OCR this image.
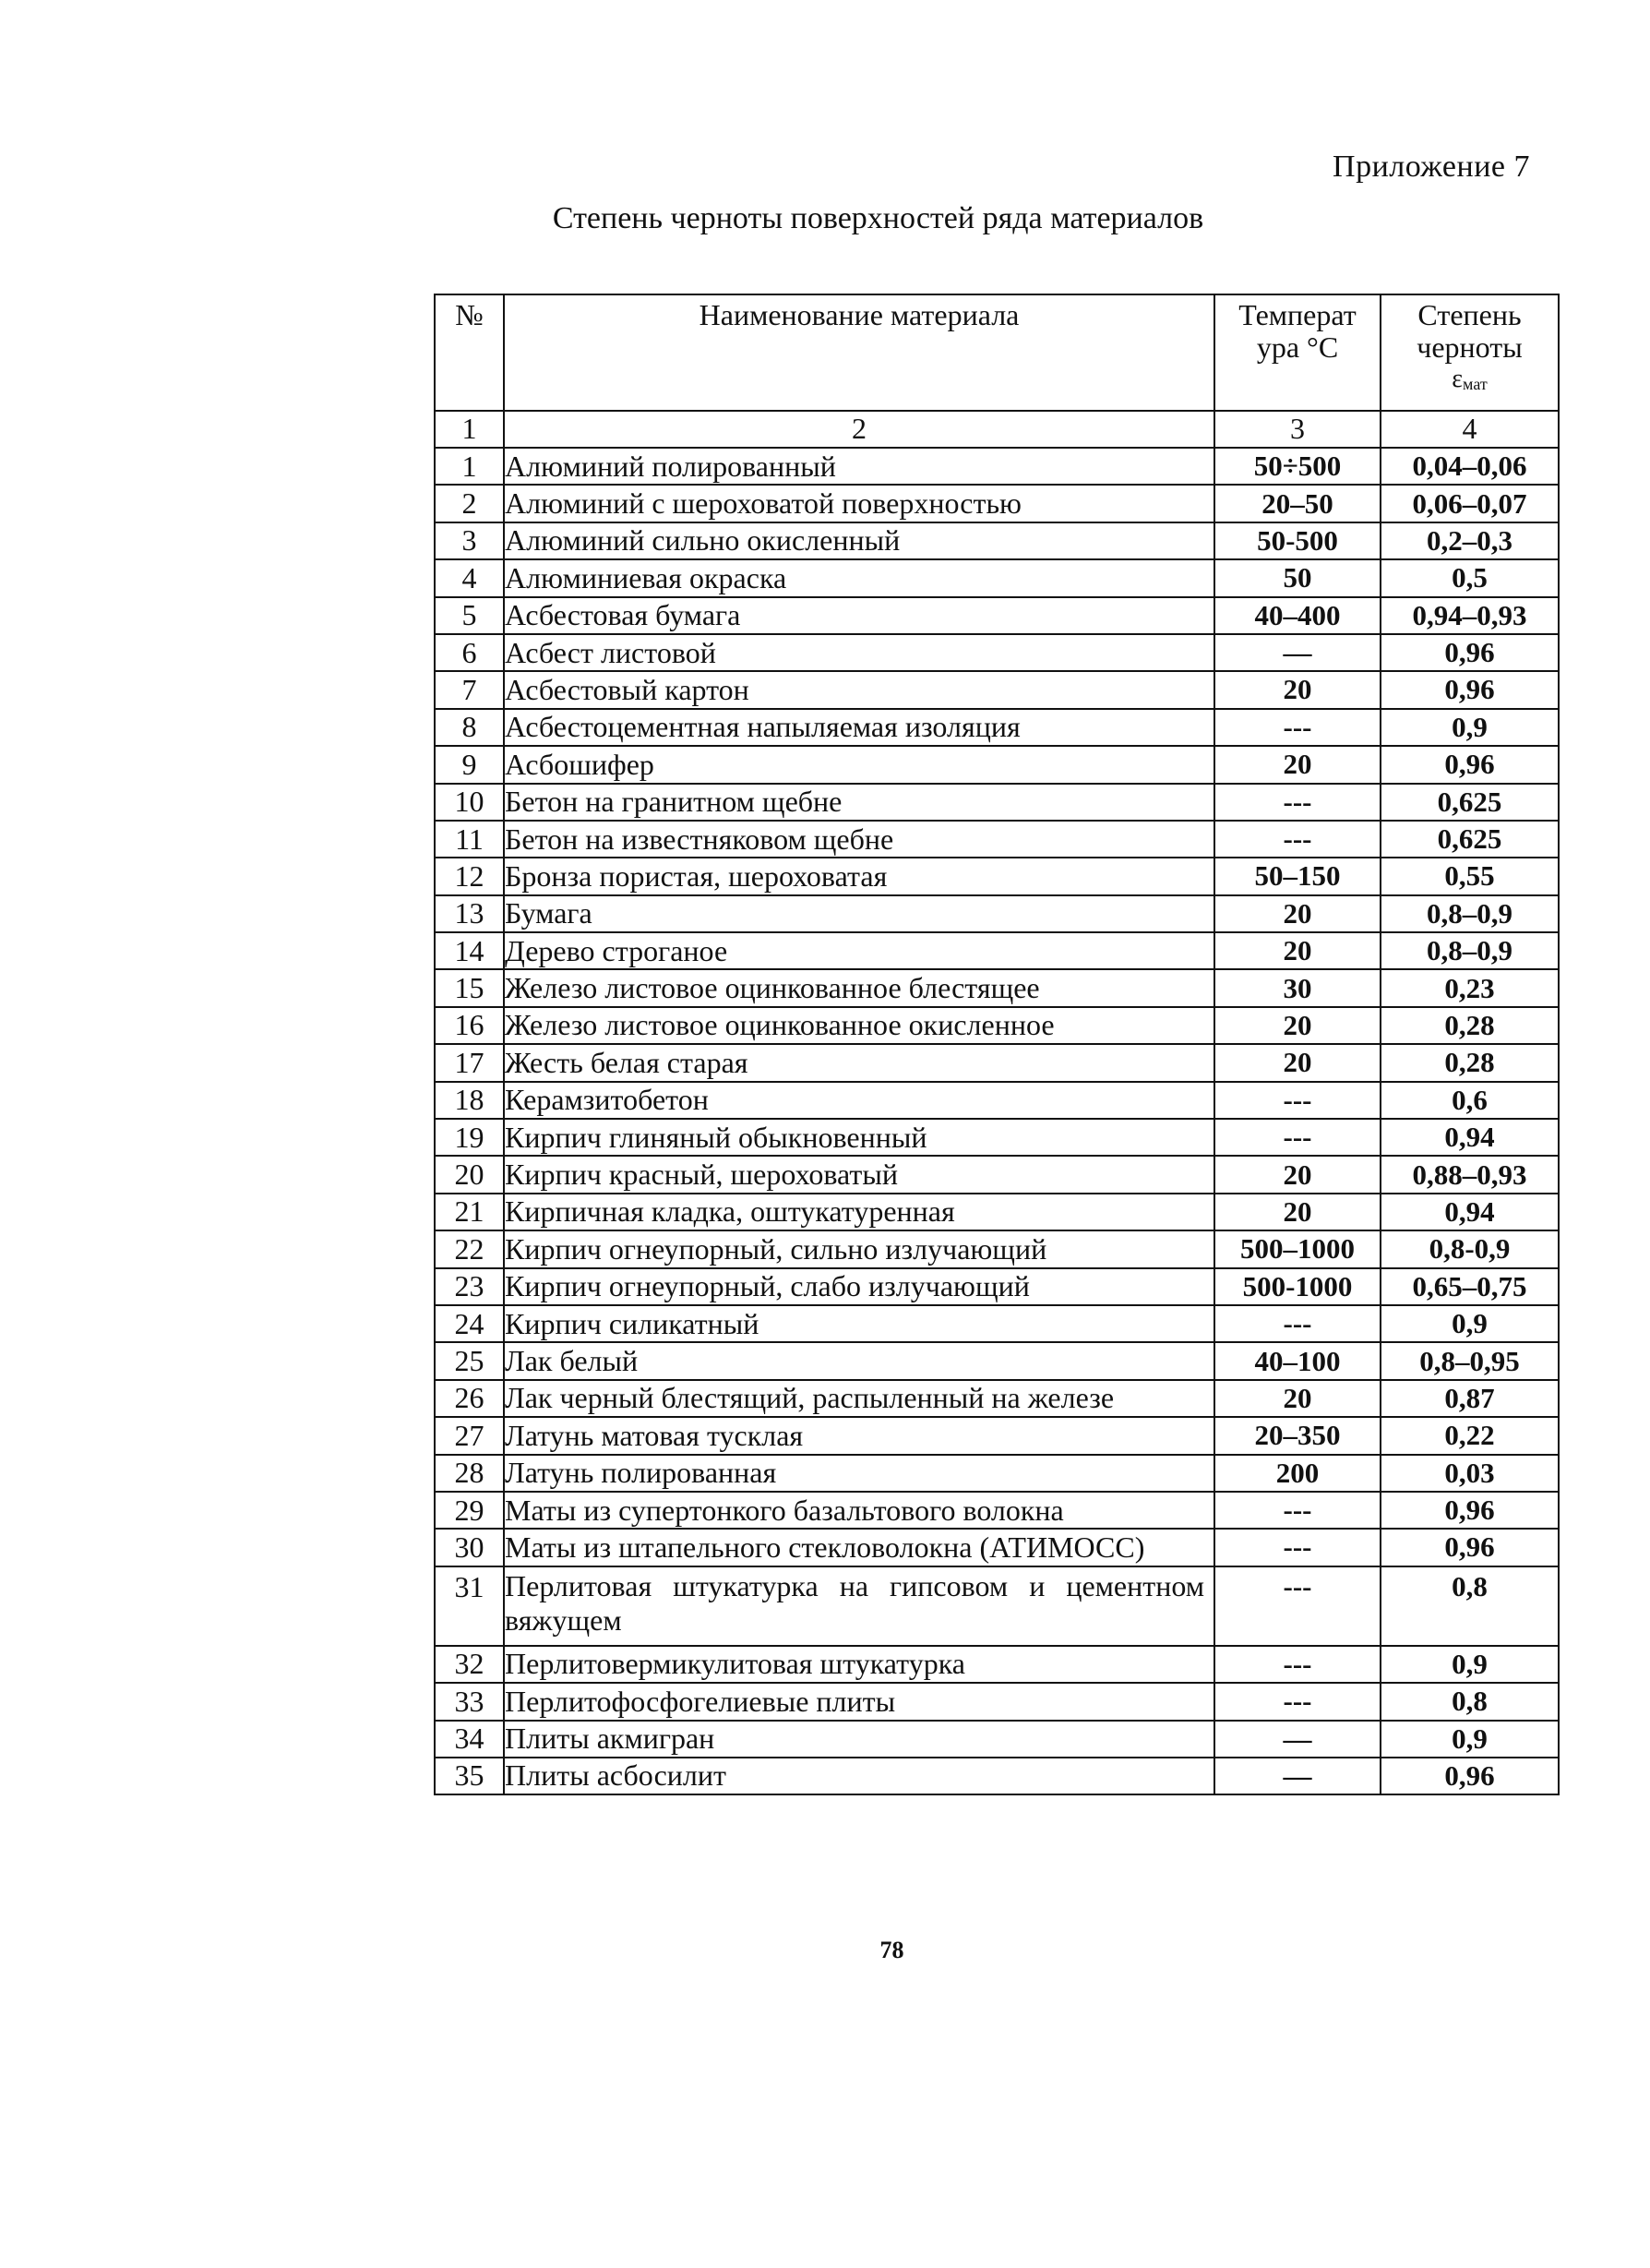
Приложение 7
Степень черноты поверхностей ряда материалов
№	Наименование материала	Температ ура °С	Степень черноты
$\varepsilon_{мат}$

1	2	3	4
1	Алюминий полированный	50÷500	0,04–0,06
2	Алюминий с шероховатой поверхностью	20–50	0,06–0,07
3	Алюминий сильно окисленный	50-500	0,2–0,3
4	Алюминиевая окраска	50	0,5
5	Асбестовая бумага	40–400	0,94–0,93
6	Асбест листовой	—	0,96
7	Асбестовый картон	20	0,96
8	Асбестоцементная напыляемая изоляция	---	0,9
9	Асбошифер	20	0,96
10	Бетон на гранитном щебне	---	0,625
11	Бетон на известняковом щебне	---	0,625
12	Бронза пористая, шероховатая	50–150	0,55
13	Бумага	20	0,8–0,9
14	Дерево строганое	20	0,8–0,9
15	Железо листовое оцинкованное блестящее	30	0,23
16	Железо листовое оцинкованное окисленное	20	0,28
17	Жесть белая старая	20	0,28
18	Керамзитобетон	---	0,6
19	Кирпич глиняный обыкновенный	---	0,94
20	Кирпич красный, шероховатый	20	0,88–0,93
21	Кирпичная кладка, оштукатуренная	20	0,94
22	Кирпич огнеупорный, сильно излучающий	500–1000	0,8-0,9
23	Кирпич огнеупорный, слабо излучающий	500-1000	0,65–0,75
24	Кирпич силикатный	---	0,9
25	Лак белый	40–100	0,8–0,95
26	Лак черный блестящий, распыленный на железе	20	0,87
27	Латунь матовая тусклая	20–350	0,22
28	Латунь полированная	200	0,03
29	Маты из супертонкого базальтового волокна	---	0,96
30	Маты из штапельного стекловолокна (АТИМОСС)	---	0,96
31	Перлитовая штукатурка на гипсовом и цементном вяжущем	---	0,8
32	Перлитовермикулитовая штукатурка	---	0,9
33	Перлитофосфогелиевые плиты	---	0,8
34	Плиты акмигран	—	0,9
35	Плиты асбосилит	—	0,96
78
